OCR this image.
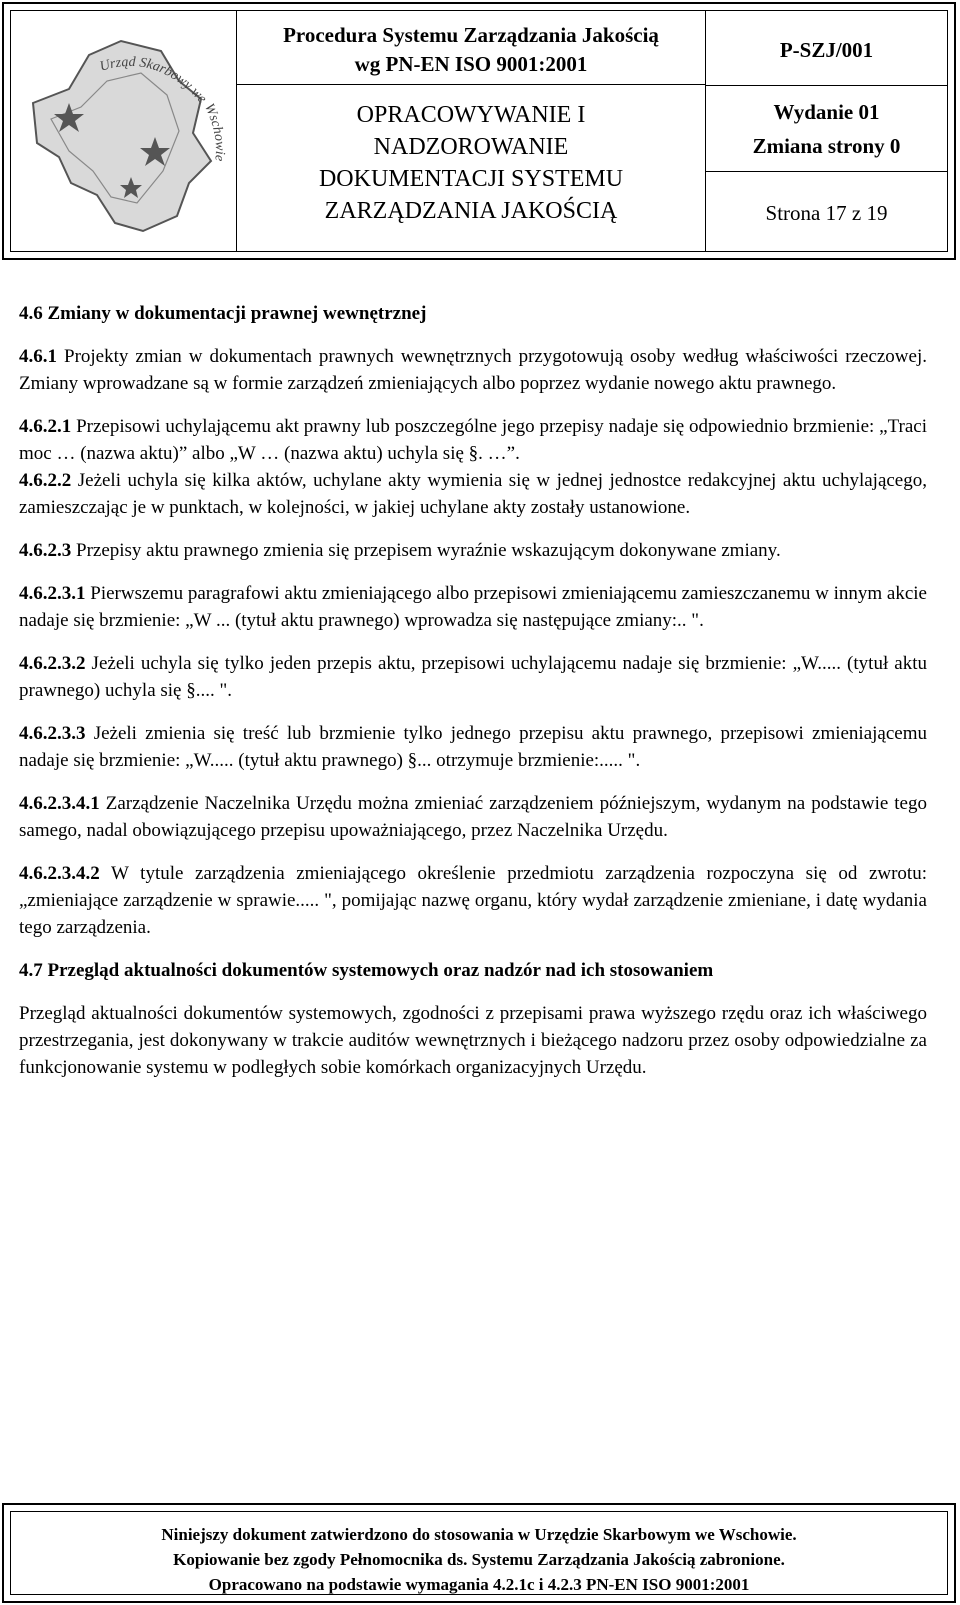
Urząd Skarbowy we Wschowie
Procedura Systemu Zarządzania Jakością
wg PN-EN ISO 9001:2001
OPRACOWYWANIE I
NADZOROWANIE
DOKUMENTACJI SYSTEMU
ZARZĄDZANIA JAKOŚCIĄ
P-SZJ/001
Wydanie 01
Zmiana strony 0
Strona 17 z 19
4.6 Zmiany w dokumentacji prawnej wewnętrznej

4.6.1 Projekty zmian w dokumentach prawnych wewnętrznych przygotowują osoby według właściwości rzeczowej. Zmiany wprowadzane są w formie zarządzeń zmieniających albo poprzez wydanie nowego aktu prawnego.

4.6.2.1 Przepisowi uchylającemu akt prawny lub poszczególne jego przepisy nadaje się odpowiednio brzmienie: „Traci moc … (nazwa aktu)” albo „W … (nazwa aktu) uchyla się §. …”.

4.6.2.2 Jeżeli uchyla się kilka aktów, uchylane akty wymienia się w jednej jednostce redakcyjnej aktu uchylającego, zamieszczając je w punktach, w kolejności, w jakiej uchylane akty zostały ustanowione.

4.6.2.3 Przepisy aktu prawnego zmienia się przepisem wyraźnie wskazującym dokonywane zmiany.

4.6.2.3.1 Pierwszemu paragrafowi aktu zmieniającego albo przepisowi zmieniającemu zamieszczanemu w innym akcie nadaje się brzmienie: „W ... (tytuł aktu prawnego) wprowadza się następujące zmiany:.. ".

4.6.2.3.2 Jeżeli uchyla się tylko jeden przepis aktu, przepisowi uchylającemu nadaje się brzmienie: „W..... (tytuł aktu prawnego) uchyla się §.... ".

4.6.2.3.3 Jeżeli zmienia się treść lub brzmienie tylko jednego przepisu aktu prawnego, przepisowi zmieniającemu nadaje się brzmienie: „W..... (tytuł aktu prawnego) §... otrzymuje brzmienie:..... ".

4.6.2.3.4.1 Zarządzenie Naczelnika Urzędu można zmieniać zarządzeniem późniejszym, wydanym na podstawie tego samego, nadal obowiązującego przepisu upoważniającego, przez Naczelnika Urzędu.

4.6.2.3.4.2 W tytule zarządzenia zmieniającego określenie przedmiotu zarządzenia rozpoczyna się od zwrotu: „zmieniające zarządzenie w sprawie..... ", pomijając nazwę organu, który wydał zarządzenie zmieniane, i datę wydania tego zarządzenia.

4.7 Przegląd aktualności dokumentów systemowych oraz nadzór nad ich stosowaniem

Przegląd aktualności dokumentów systemowych, zgodności z przepisami prawa wyższego rzędu oraz ich właściwego przestrzegania, jest dokonywany w trakcie auditów wewnętrznych i bieżącego nadzoru przez osoby odpowiedzialne za funkcjonowanie systemu w podległych sobie komórkach organizacyjnych Urzędu.

Niniejszy dokument zatwierdzono do stosowania w Urzędzie Skarbowym we Wschowie.
Kopiowanie bez zgody Pełnomocnika ds. Systemu Zarządzania Jakością zabronione.
Opracowano na podstawie wymagania 4.2.1c i 4.2.3 PN-EN ISO 9001:2001
